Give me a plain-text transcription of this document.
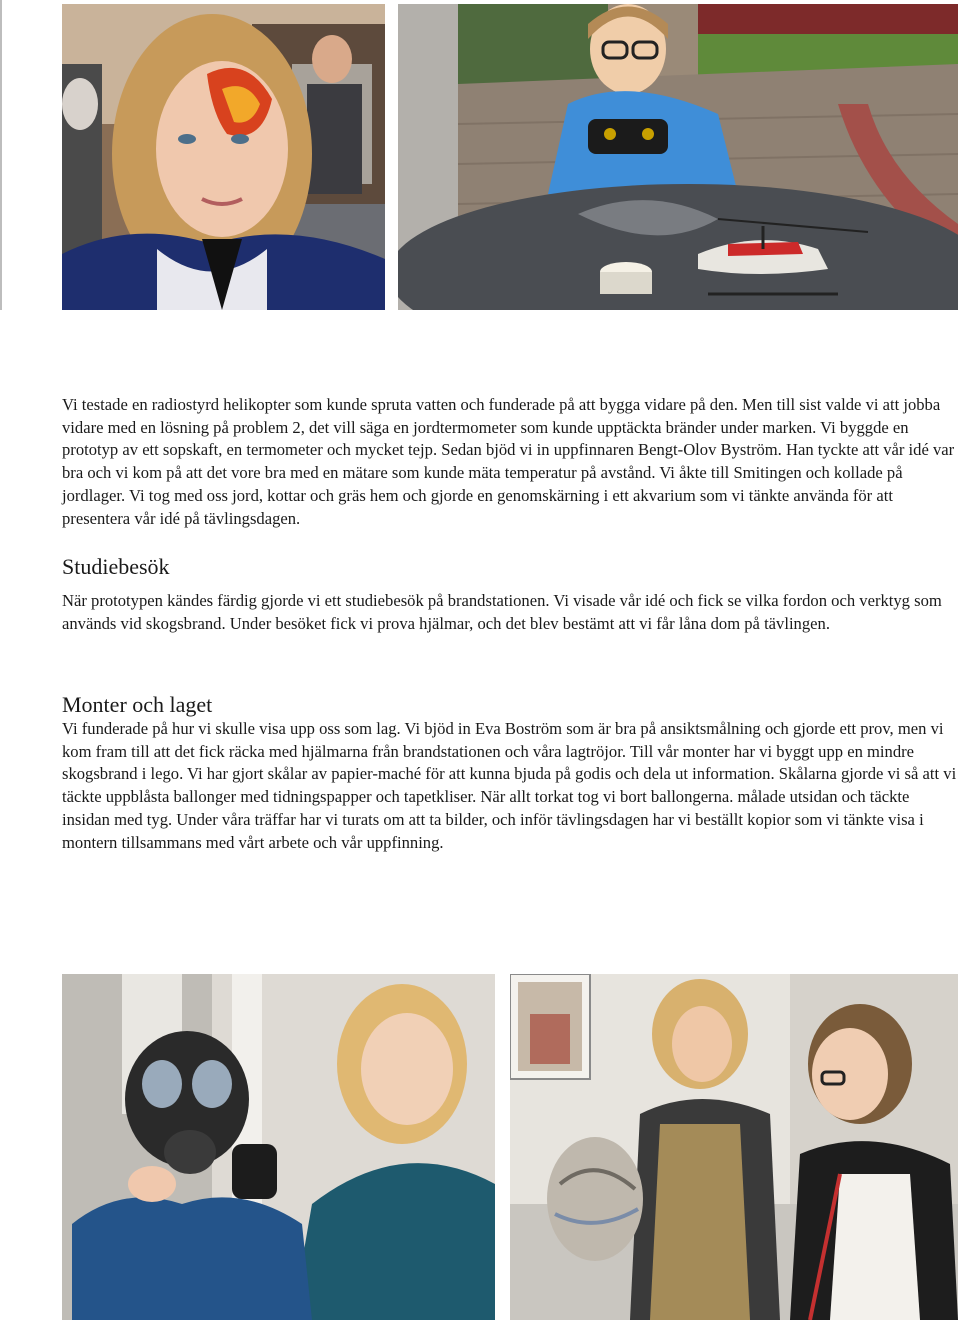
Vi testade en radiostyrd helikopter som kunde spruta vatten och funderade på att bygga vidare på den. Men till sist valde vi att jobba vidare med en lösning på problem 2, det vill säga en jordtermometer som kunde upptäckta bränder under marken. Vi byggde en prototyp av ett sopskaft, en termometer och mycket tejp. Sedan bjöd vi in uppfinnaren Bengt-Olov Byström. Han tyckte att vår idé var bra och vi kom på att det vore bra med en mätare som kunde mäta temperatur på avstånd. Vi åkte till Smitingen och kollade på jordlager. Vi tog med oss jord, kottar och gräs hem och gjorde en genomskärning i ett akvarium som vi tänkte använda för att presentera vår idé på tävlingsdagen.

Studiebesök

När prototypen kändes färdig gjorde vi ett studiebesök på brandstationen. Vi visade vår idé och fick se vilka fordon och verktyg som används vid skogsbrand. Under besöket fick vi prova hjälmar, och det blev bestämt att vi får låna dom på tävlingen.

Monter och laget

Vi funderade på hur vi skulle visa upp oss som lag. Vi bjöd in Eva Boström som är bra på ansiktsmålning och gjorde ett prov, men vi kom fram till att det fick räcka med hjälmarna från brandstationen och våra lagtröjor. Till vår monter har vi byggt upp en mindre skogsbrand i lego. Vi har gjort skålar av papier-maché för att kunna bjuda på godis och dela ut information. Skålarna gjorde vi så att vi täckte uppblåsta ballonger med tidningspapper och tapetkliser. När allt torkat tog vi bort ballongerna. målade utsidan och täckte insidan med tyg. Under våra träffar har vi turats om att ta bilder, och inför tävlingsdagen har vi beställt kopior som vi tänkte visa i montern tillsammans med vårt arbete och vår uppfinning.
